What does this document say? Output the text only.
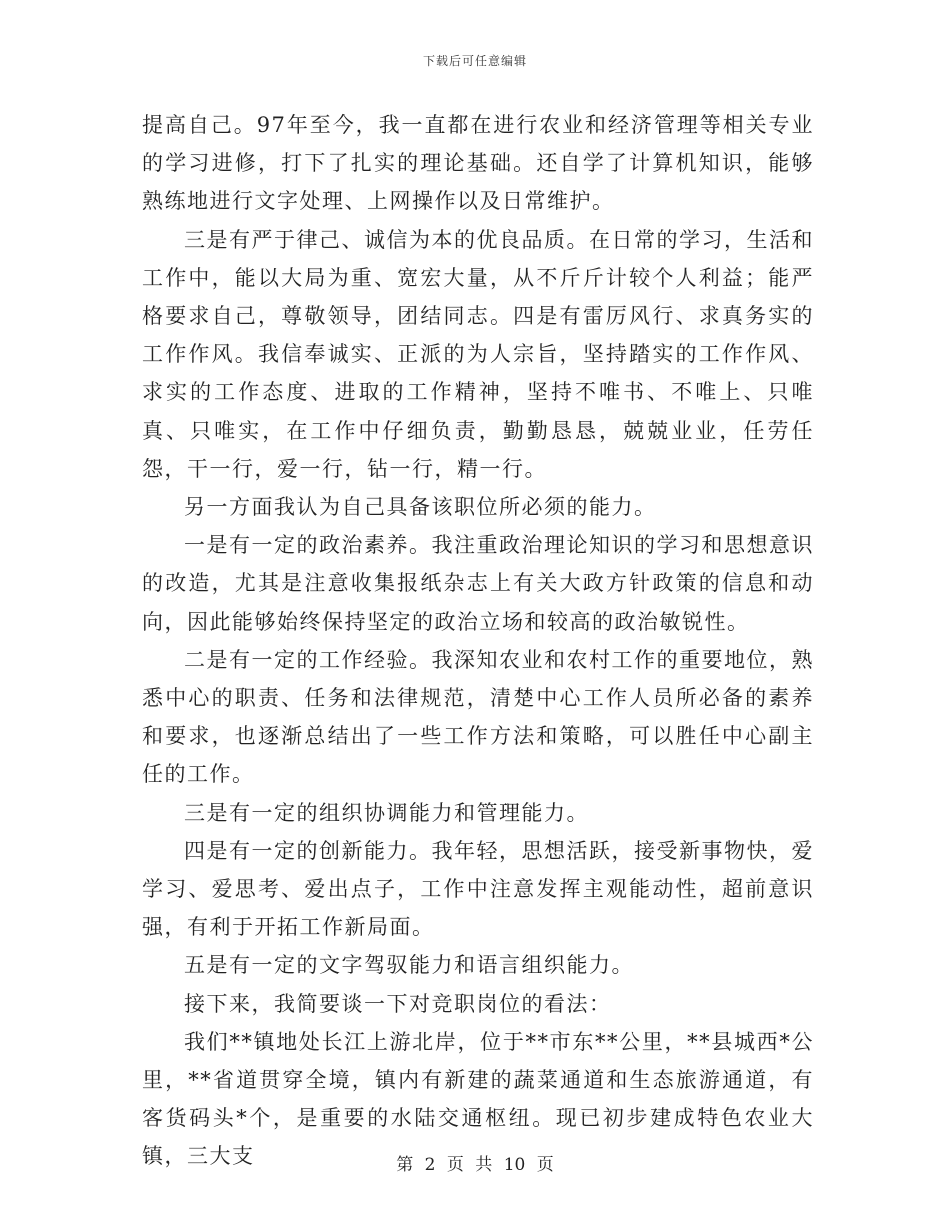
下载后可任意编辑

提高自己。97年至今，我一直都在进行农业和经济管理等相关专业的学习进修，打下了扎实的理论基础。还自学了计算机知识，能够熟练地进行文字处理、上网操作以及日常维护。

三是有严于律己、诚信为本的优良品质。在日常的学习，生活和工作中，能以大局为重、宽宏大量，从不斤斤计较个人利益；能严格要求自己，尊敬领导，团结同志。四是有雷厉风行、求真务实的工作作风。我信奉诚实、正派的为人宗旨，坚持踏实的工作作风、求实的工作态度、进取的工作精神，坚持不唯书、不唯上、只唯真、只唯实，在工作中仔细负责，勤勤恳恳，兢兢业业，任劳任怨，干一行，爱一行，钻一行，精一行。

另一方面我认为自己具备该职位所必须的能力。

一是有一定的政治素养。我注重政治理论知识的学习和思想意识的改造，尤其是注意收集报纸杂志上有关大政方针政策的信息和动向，因此能够始终保持坚定的政治立场和较高的政治敏锐性。

二是有一定的工作经验。我深知农业和农村工作的重要地位，熟悉中心的职责、任务和法律规范，清楚中心工作人员所必备的素养和要求，也逐渐总结出了一些工作方法和策略，可以胜任中心副主任的工作。

三是有一定的组织协调能力和管理能力。

四是有一定的创新能力。我年轻，思想活跃，接受新事物快，爱学习、爱思考、爱出点子，工作中注意发挥主观能动性，超前意识强，有利于开拓工作新局面。

五是有一定的文字驾驭能力和语言组织能力。

接下来，我简要谈一下对竞职岗位的看法：

我们**镇地处长江上游北岸，位于**市东**公里，**县城西*公里，**省道贯穿全境，镇内有新建的蔬菜通道和生态旅游通道，有客货码头*个，是重要的水陆交通枢纽。现已初步建成特色农业大镇，三大支	第 2 页 共 10 页
